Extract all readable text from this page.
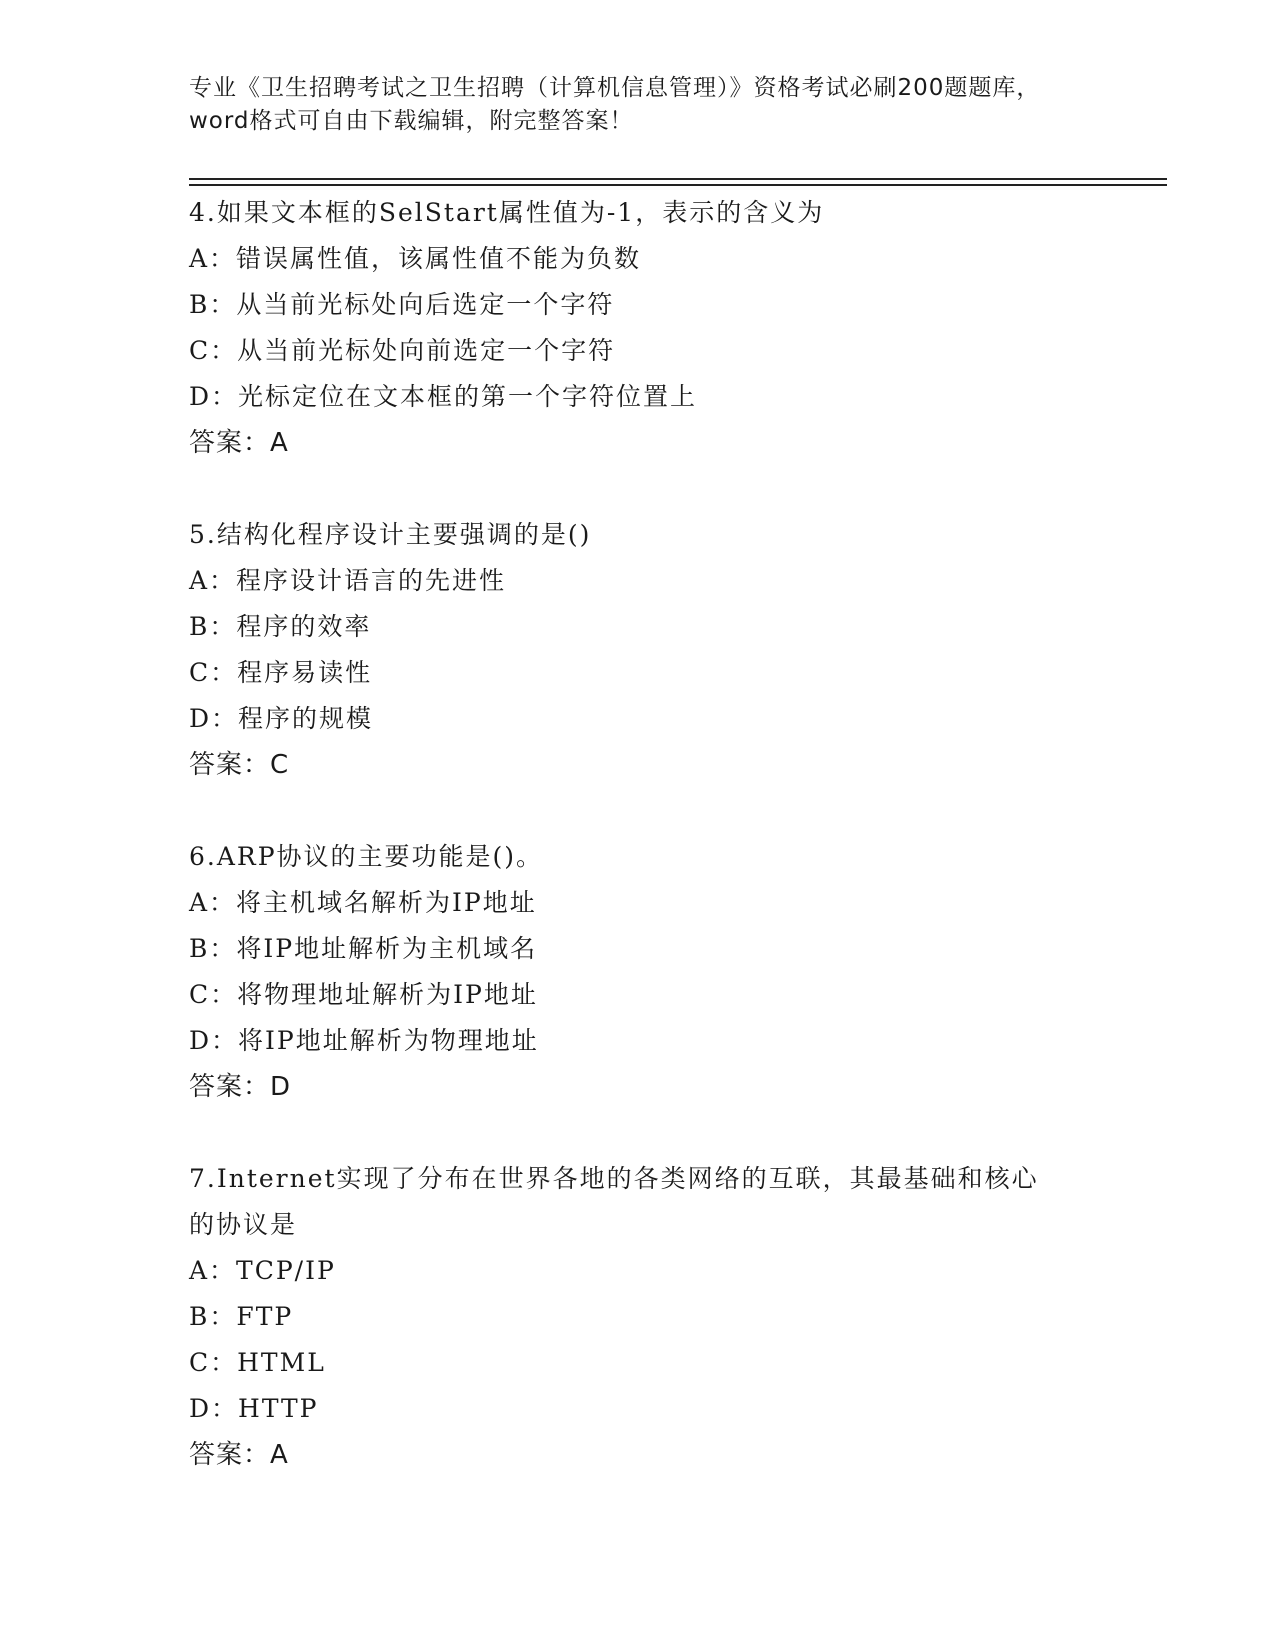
专业《卫生招聘考试之卫生招聘（计算机信息管理）》资格考试必刷200题题库，

word格式可自由下载编辑，附完整答案！

4.如果文本框的SelStart属性值为-1，表示的含义为
A：错误属性值，该属性值不能为负数
B：从当前光标处向后选定一个字符
C：从当前光标处向前选定一个字符
D：光标定位在文本框的第一个字符位置上
答案：A
5.结构化程序设计主要强调的是()
A：程序设计语言的先进性
B：程序的效率
C：程序易读性
D：程序的规模
答案：C
6.ARP协议的主要功能是()。
A：将主机域名解析为IP地址
B：将IP地址解析为主机域名
C：将物理地址解析为IP地址
D：将IP地址解析为物理地址
答案：D
7.Internet实现了分布在世界各地的各类网络的互联，其最基础和核心的协议是
A：TCP/IP
B：FTP
C：HTML
D：HTTP
答案：A
